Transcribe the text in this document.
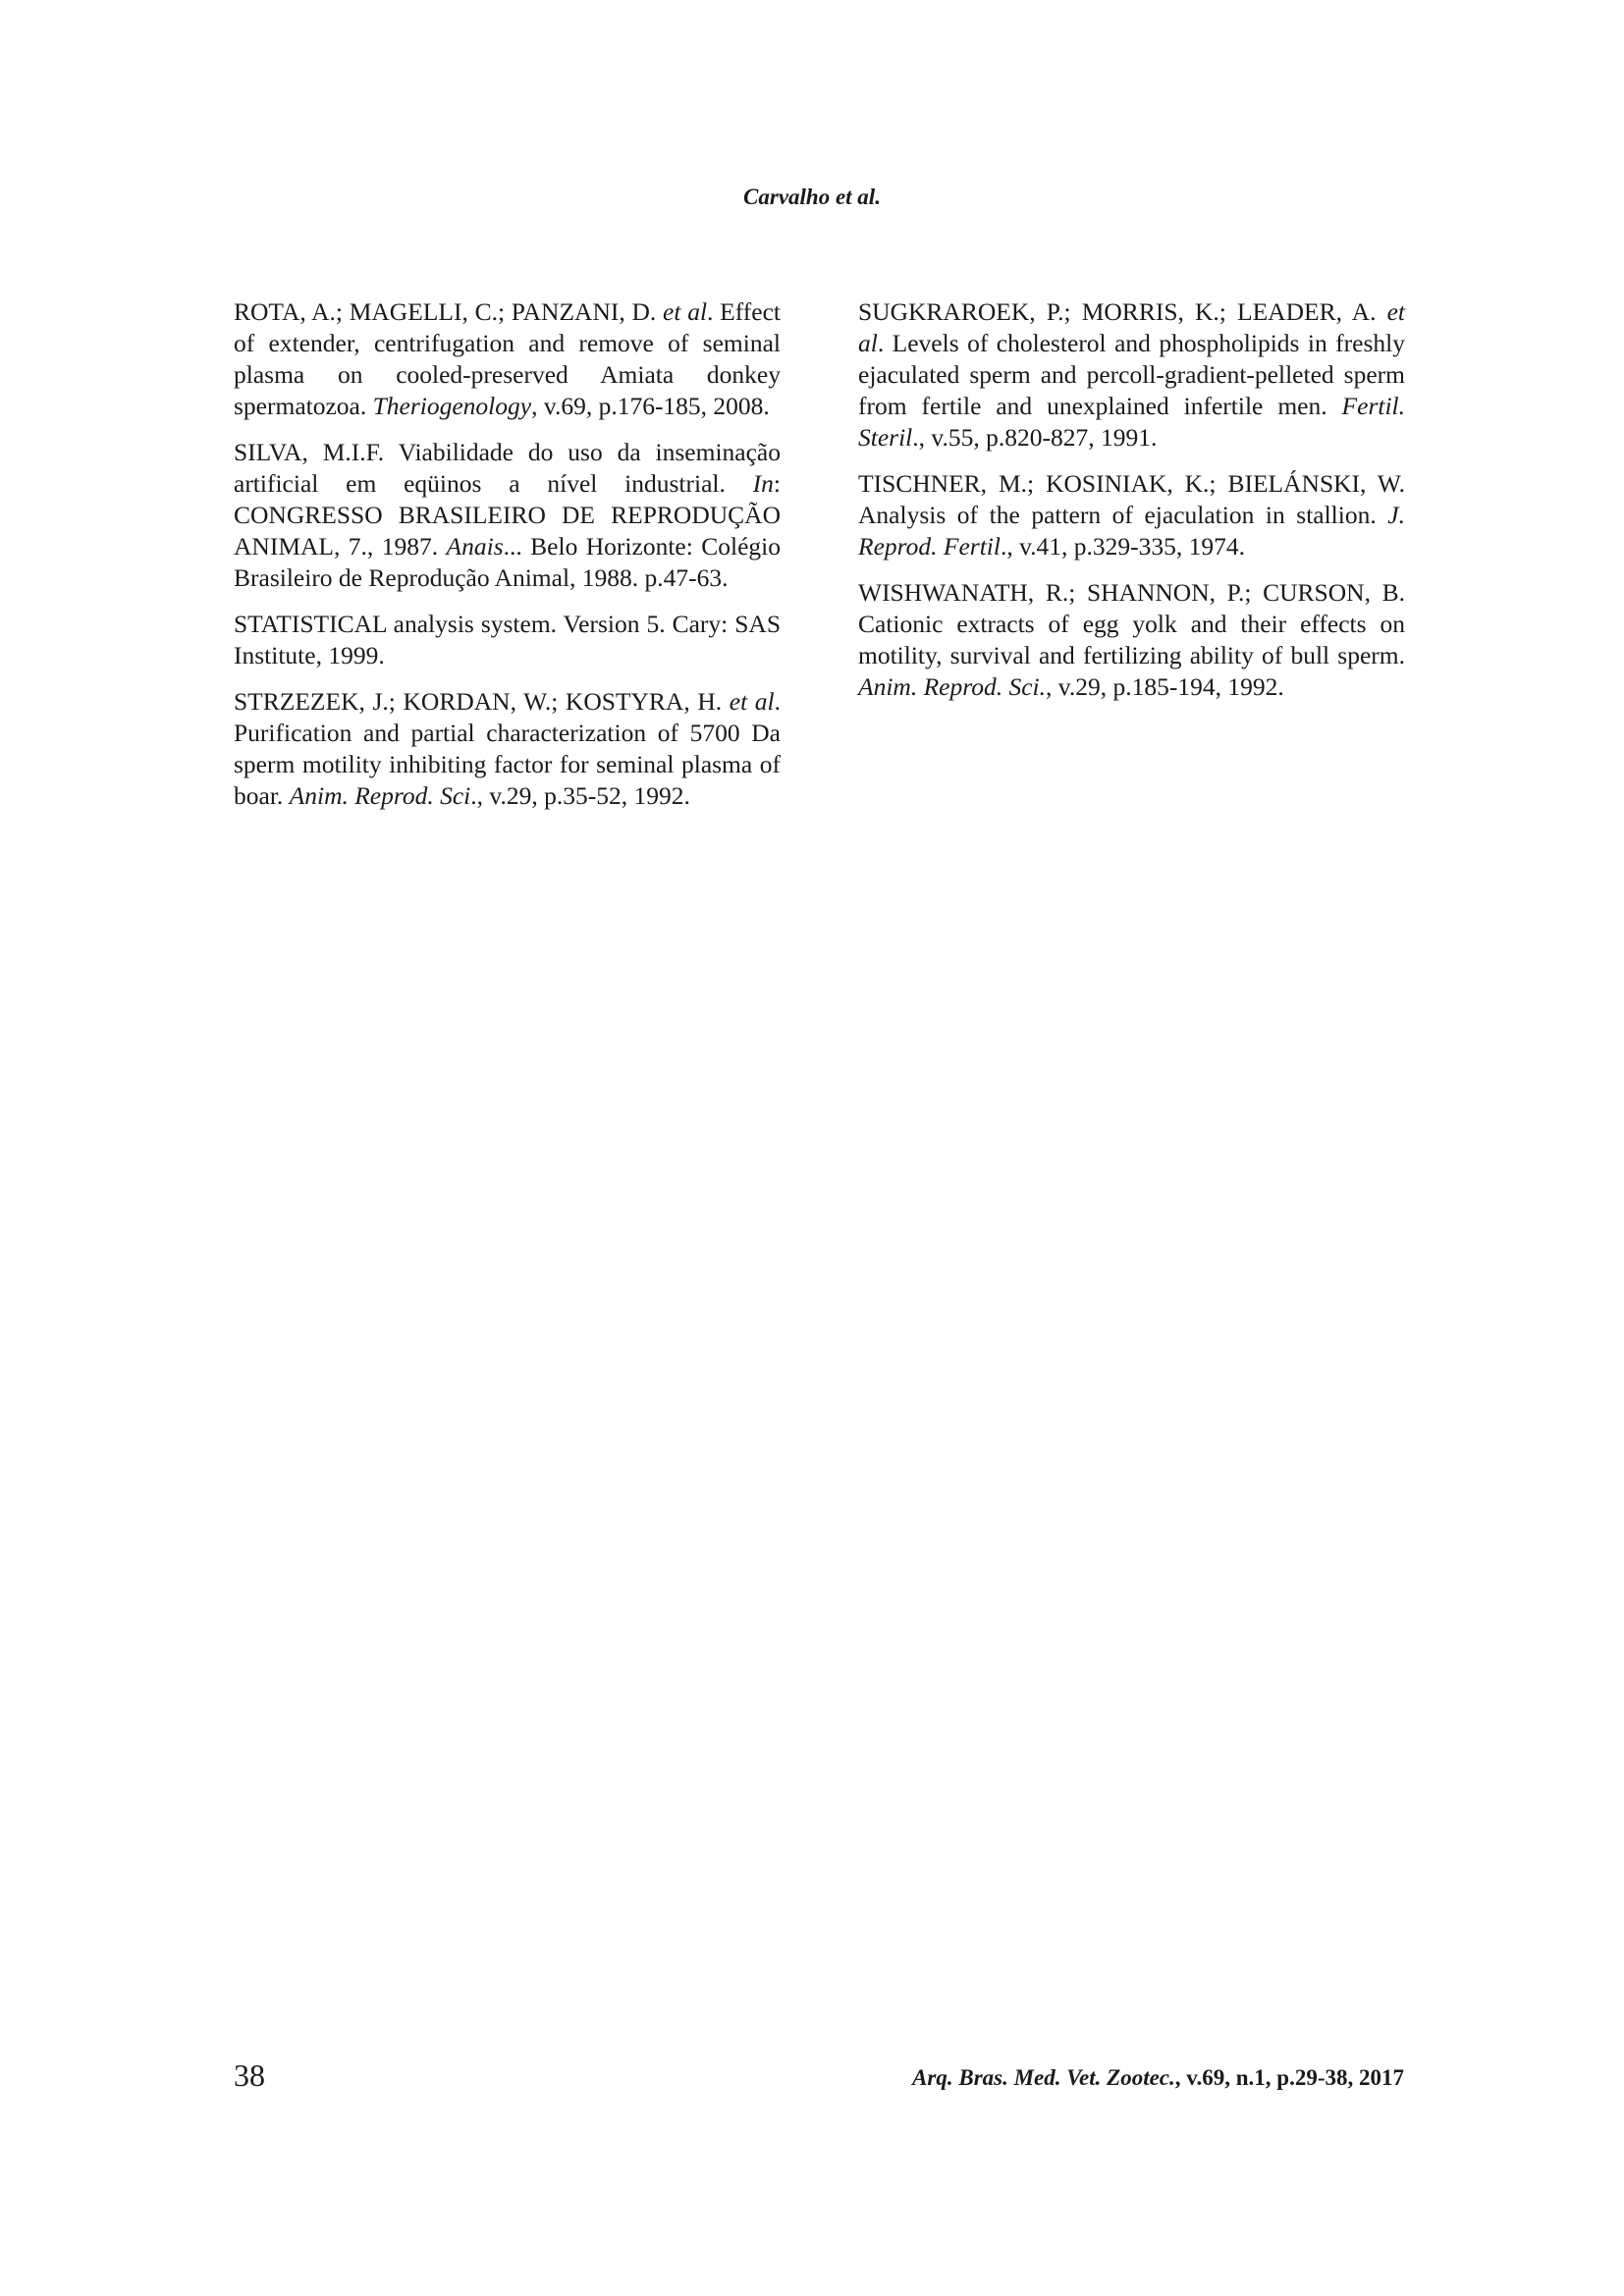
Carvalho et al.

ROTA, A.; MAGELLI, C.; PANZANI, D. et al. Effect of extender, centrifugation and remove of seminal plasma on cooled-preserved Amiata donkey spermatozoa. Theriogenology, v.69, p.176-185, 2008.

SILVA, M.I.F. Viabilidade do uso da inseminação artificial em eqüinos a nível industrial. In: CONGRESSO BRASILEIRO DE REPRODUÇÃO ANIMAL, 7., 1987. Anais... Belo Horizonte: Colégio Brasileiro de Reprodução Animal, 1988. p.47-63.

STATISTICAL analysis system. Version 5. Cary: SAS Institute, 1999.

STRZEZEK, J.; KORDAN, W.; KOSTYRA, H. et al. Purification and partial characterization of 5700 Da sperm motility inhibiting factor for seminal plasma of boar. Anim. Reprod. Sci., v.29, p.35-52, 1992.

SUGKRAROEK, P.; MORRIS, K.; LEADER, A. et al. Levels of cholesterol and phospholipids in freshly ejaculated sperm and percoll-gradient-pelleted sperm from fertile and unexplained infertile men. Fertil. Steril., v.55, p.820-827, 1991.

TISCHNER, M.; KOSINIAK, K.; BIELÁNSKI, W. Analysis of the pattern of ejaculation in stallion. J. Reprod. Fertil., v.41, p.329-335, 1974.

WISHWANATH, R.; SHANNON, P.; CURSON, B. Cationic extracts of egg yolk and their effects on motility, survival and fertilizing ability of bull sperm. Anim. Reprod. Sci., v.29, p.185-194, 1992.

38	Arq. Bras. Med. Vet. Zootec., v.69, n.1, p.29-38, 2017
